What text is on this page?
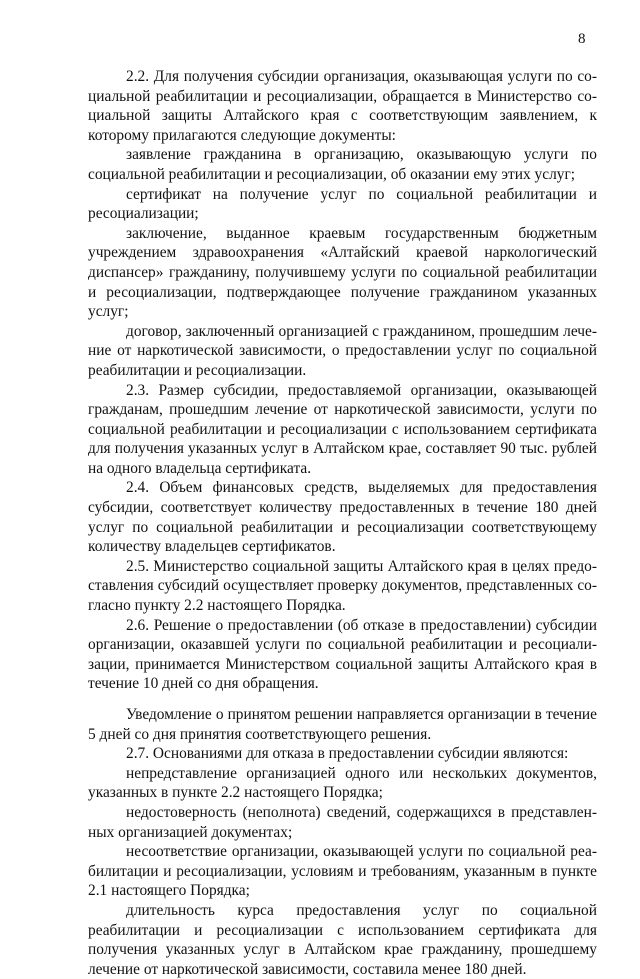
8

2.2. Для получения субсидии организация, оказывающая услуги по социальной реабилитации и ресоциализации, обращается в Министерство социальной защиты Алтайского края с соответствующим заявлением, к которому прилагаются следующие документы:

заявление гражданина в организацию, оказывающую услуги по социальной реабилитации и ресоциализации, об оказании ему этих услуг;

сертификат на получение услуг по социальной реабилитации и ресоциализации;

заключение, выданное краевым государственным бюджетным учреждением здравоохранения «Алтайский краевой наркологический диспансер» гражданину, получившему услуги по социальной реабилитации и ресоциализации, подтверждающее получение гражданином указанных услуг;

договор, заключенный организацией с гражданином, прошедшим лечение от наркотической зависимости, о предоставлении услуг по социальной реабилитации и ресоциализации.

2.3. Размер субсидии, предоставляемой организации, оказывающей гражданам, прошедшим лечение от наркотической зависимости, услуги по социальной реабилитации и ресоциализации с использованием сертификата для получения указанных услуг в Алтайском крае, составляет 90 тыс. рублей на одного владельца сертификата.

2.4. Объем финансовых средств, выделяемых для предоставления субсидии, соответствует количеству предоставленных в течение 180 дней услуг по социальной реабилитации и ресоциализации соответствующему количеству владельцев сертификатов.

2.5. Министерство социальной защиты Алтайского края в целях предоставления субсидий осуществляет проверку документов, представленных согласно пункту 2.2 настоящего Порядка.

2.6. Решение о предоставлении (об отказе в предоставлении) субсидии организации, оказавшей услуги по социальной реабилитации и ресоциализации, принимается Министерством социальной защиты Алтайского края в течение 10 дней со дня обращения.

Уведомление о принятом решении направляется организации в течение 5 дней со дня принятия соответствующего решения.

2.7. Основаниями для отказа в предоставлении субсидии являются:

непредставление организацией одного или нескольких документов, указанных в пункте 2.2 настоящего Порядка;

недостоверность (неполнота) сведений, содержащихся в представленных организацией документах;

несоответствие организации, оказывающей услуги по социальной реабилитации и ресоциализации, условиям и требованиям, указанным в пункте 2.1 настоящего Порядка;

длительность курса предоставления услуг по социальной реабилитации и ресоциализации с использованием сертификата для получения указанных услуг в Алтайском крае гражданину, прошедшему лечение от наркотической зависимости, составила менее 180 дней.
